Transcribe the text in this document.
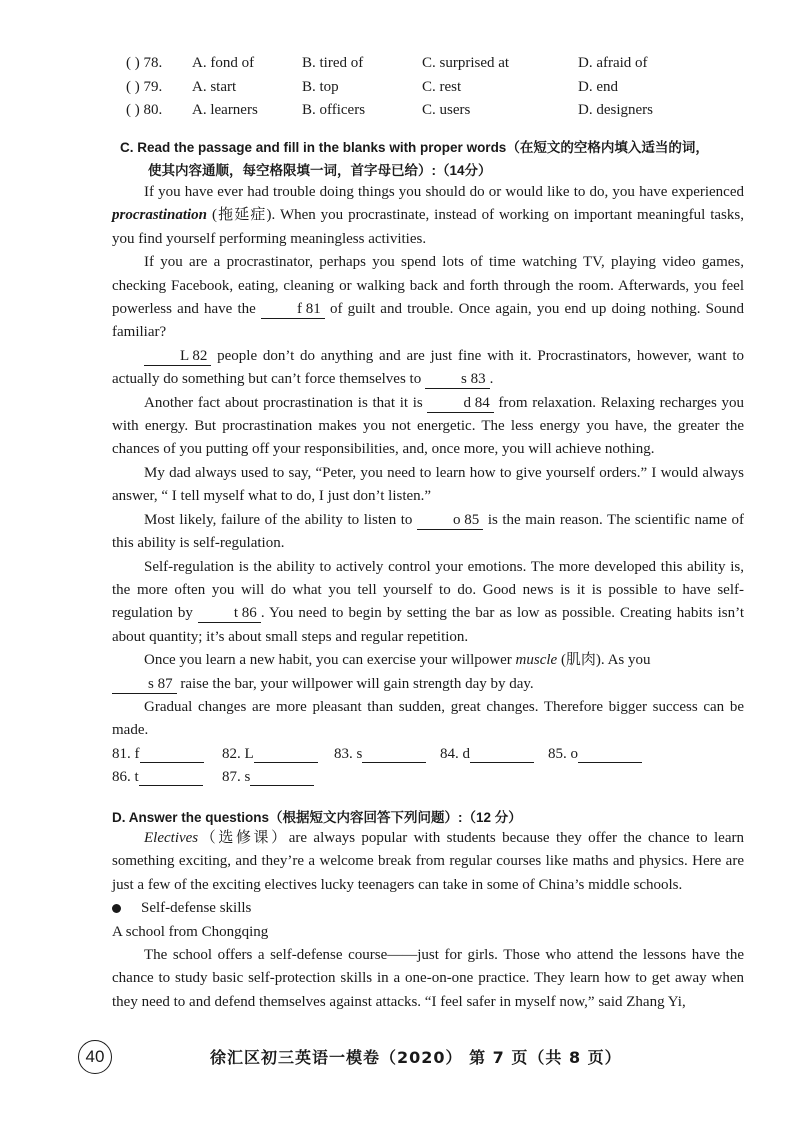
( ) 78. A. fond of	B. tired of	C. surprised at	D. afraid of
( ) 79. A. start	B. top	C. rest	D. end
( ) 80. A. learners	B. officers	C. users	D. designers
C. Read the passage and fill in the blanks with proper words（在短文的空格内填入适当的词，
使其内容通顺，每空格限填一词，首字母已给）:（14分）

If you have ever had trouble doing things you should do or would like to do, you have experienced procrastination (拖延症). When you procrastinate, instead of working on important meaningful tasks, you find yourself performing meaningless activities.

If you are a procrastinator, perhaps you spend lots of time watching TV, playing video games, checking Facebook, eating, cleaning or walking back and forth through the room. Afterwards, you feel powerless and have the f 81 of guilt and trouble. Once again, you end up doing nothing. Sound familiar?

L 82 people don’t do anything and are just fine with it. Procrastinators, however, want to actually do something but can’t force themselves to s 83 .

Another fact about procrastination is that it is d 84 from relaxation. Relaxing recharges you with energy. But procrastination makes you not energetic. The less energy you have, the greater the chances of you putting off your responsibilities, and, once more, you will achieve nothing.

My dad always used to say, “Peter, you need to learn how to give yourself orders.” I would always answer, “ I tell myself what to do, I just don’t listen.”

Most likely, failure of the ability to listen to o 85 is the main reason. The scientific name of this ability is self-regulation.

Self-regulation is the ability to actively control your emotions. The more developed this ability is, the more often you will do what you tell yourself to do. Good news is it is possible to have self-regulation by t 86 . You need to begin by setting the bar as low as possible. Creating habits isn’t about quantity; it’s about small steps and regular repetition.

Once you learn a new habit, you can exercise your willpower muscle (肌肉). As you
s 87 raise the bar, your willpower will gain strength day by day.

Gradual changes are more pleasant than sudden, great changes. Therefore bigger success can be made.

81. f	82. L	83. s	84. d	85. o
86. t	87. s
D. Answer the questions（根据短文内容回答下列问题）:（12 分）

Electives（选修课）are always popular with students because they offer the chance to learn something exciting, and they’re a welcome break from regular courses like maths and physics. Here are just a few of the exciting electives lucky teenagers can take in some of China’s middle schools.

Self-defense skills

A school from Chongqing

The school offers a self-defense course——just for girls. Those who attend the lessons have the chance to study basic self-protection skills in a one-on-one practice. They learn how to get away when they need to and defend themselves against attacks. “I feel safer in myself now,” said Zhang Yi,

40	徐汇区初三英语一模卷（2020） 第 7 页（共 8 页）
